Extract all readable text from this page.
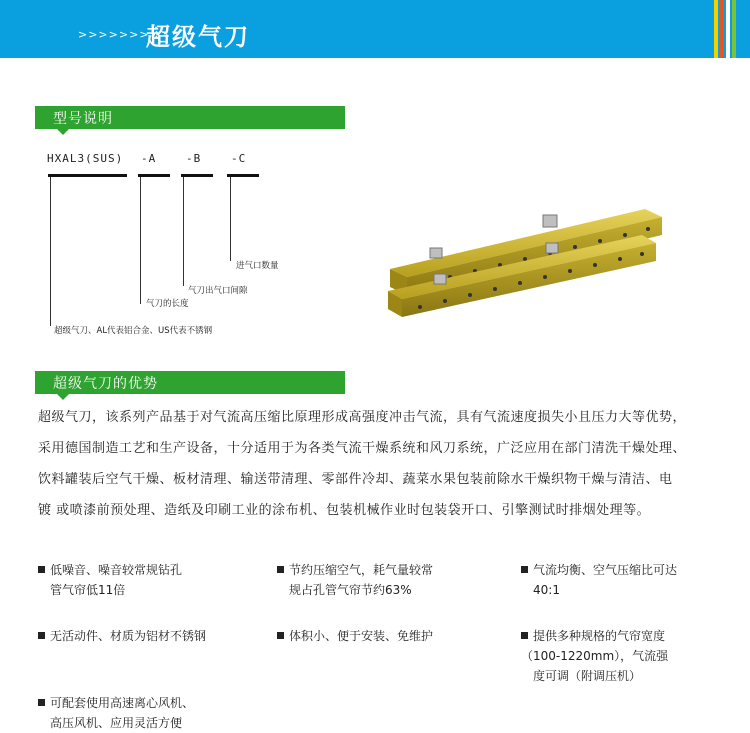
>>>>>>>
超级气刀
型号说明
HXAL3(SUS) -A	-B	-C
进气口数量
气刀出气口间隙
气刀的长度
超级气刀、AL代表铝合金、US代表不锈钢
超级气刀的优势

超级气刀，该系列产品基于对气流高压缩比原理形成高强度冲击气流，具有气流速度损失小且压力大等优势，

采用德国制造工艺和生产设备，十分适用于为各类气流干燥系统和风刀系统，广泛应用在部门清洗干燥处理、

饮料罐装后空气干燥、板材清理、输送带清理、零部件冷却、蔬菜水果包装前除水干燥织物干燥与清洁、电

镀 或喷漆前预处理、造纸及印刷工业的涂布机、包装机械作业时包装袋开口、引擎测试时排烟处理等。

低噪音、噪音较常规钻孔
管气帘低11倍
节约压缩空气，耗气量较常
规占孔管气帘节约63%
气流均衡、空气压缩比可达
40:1
无活动件、材质为铝材不锈钢	体积小、便于安装、免维护	提供多种规格的气帘宽度
（100-1220mm），气流强
度可调（附调压机）
可配套使用高速离心风机、
高压风机、应用灵活方便
